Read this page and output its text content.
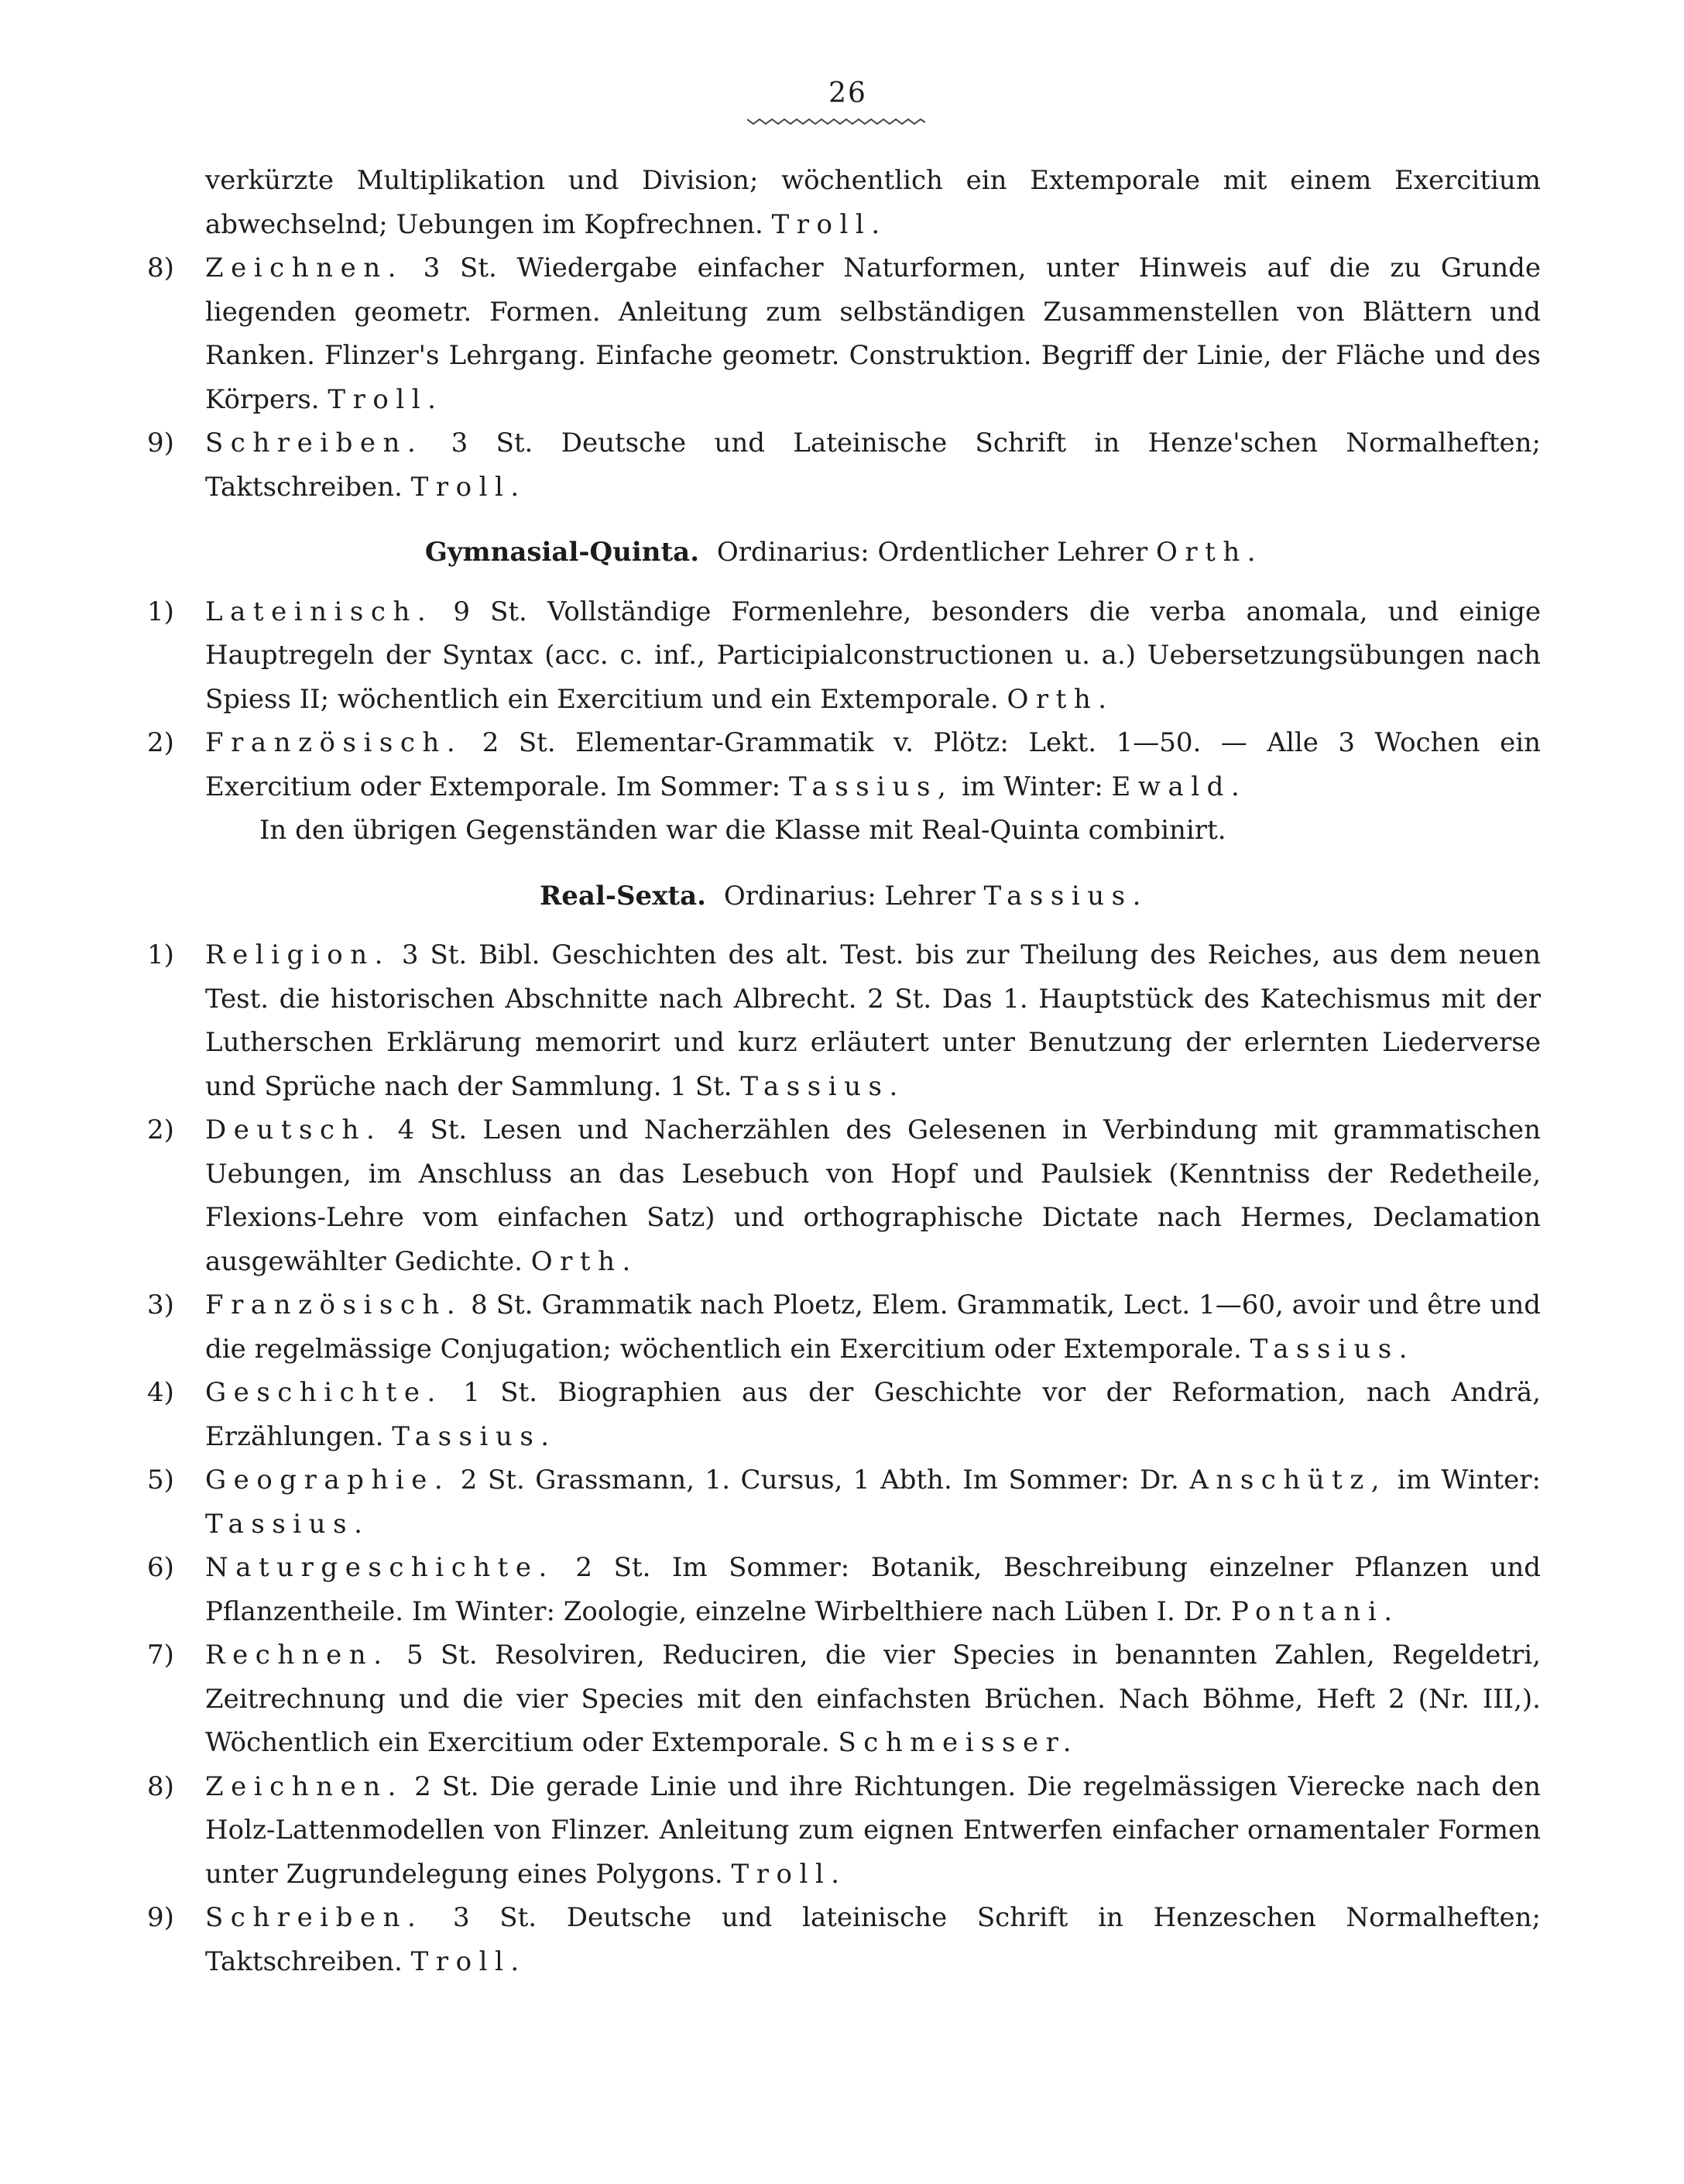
26
verkürzte Multiplikation und Division; wöchentlich ein Extemporale mit einem Exercitium abwechselnd; Uebungen im Kopfrechnen. Troll.
8) Zeichnen. 3 St. Wiedergabe einfacher Naturformen, unter Hinweis auf die zu Grunde liegenden geometr. Formen. Anleitung zum selbständigen Zusammenstellen von Blättern und Ranken. Flinzer's Lehrgang. Einfache geometr. Construktion. Begriff der Linie, der Fläche und des Körpers. Troll.
9) Schreiben. 3 St. Deutsche und Lateinische Schrift in Henze'schen Normalheften; Taktschreiben. Troll.
Gymnasial-Quinta. Ordinarius: Ordentlicher Lehrer Orth.
1) Lateinisch. 9 St. Vollständige Formenlehre, besonders die verba anomala, und einige Hauptregeln der Syntax (acc. c. inf., Participialconstructionen u. a.) Uebersetzungsübungen nach Spiess II; wöchentlich ein Exercitium und ein Extemporale. Orth.
2) Französisch. 2 St. Elementar-Grammatik v. Plötz: Lekt. 1—50. — Alle 3 Wochen ein Exercitium oder Extemporale. Im Sommer: Tassius, im Winter: Ewald.
In den übrigen Gegenständen war die Klasse mit Real-Quinta combinirt.
Real-Sexta. Ordinarius: Lehrer Tassius.
1) Religion. 3 St. Bibl. Geschichten des alt. Test. bis zur Theilung des Reiches, aus dem neuen Test. die historischen Abschnitte nach Albrecht. 2 St. Das 1. Hauptstück des Katechismus mit der Lutherschen Erklärung memorirt und kurz erläutert unter Benutzung der erlernten Liederverse und Sprüche nach der Sammlung. 1 St. Tassius.
2) Deutsch. 4 St. Lesen und Nacherzählen des Gelesenen in Verbindung mit grammatischen Uebungen, im Anschluss an das Lesebuch von Hopf und Paulsiek (Kenntniss der Redetheile, Flexions-Lehre vom einfachen Satz) und orthographische Dictate nach Hermes, Declamation ausgewählter Gedichte. Orth.
3) Französisch. 8 St. Grammatik nach Ploetz, Elem. Grammatik, Lect. 1—60, avoir und être und die regelmässige Conjugation; wöchentlich ein Exercitium oder Extemporale. Tassius.
4) Geschichte. 1 St. Biographien aus der Geschichte vor der Reformation, nach Andrä, Erzählungen. Tassius.
5) Geographie. 2 St. Grassmann, 1. Cursus, 1 Abth. Im Sommer: Dr. Anschütz, im Winter: Tassius.
6) Naturgeschichte. 2 St. Im Sommer: Botanik, Beschreibung einzelner Pflanzen und Pflanzentheile. Im Winter: Zoologie, einzelne Wirbelthiere nach Lüben I. Dr. Pontani.
7) Rechnen. 5 St. Resolviren, Reduciren, die vier Species in benannten Zahlen, Regeldetri, Zeitrechnung und die vier Species mit den einfachsten Brüchen. Nach Böhme, Heft 2 (Nr. III,). Wöchentlich ein Exercitium oder Extemporale. Schmeisser.
8) Zeichnen. 2 St. Die gerade Linie und ihre Richtungen. Die regelmässigen Vierecke nach den Holz-Lattenmodellen von Flinzer. Anleitung zum eignen Entwerfen einfacher ornamentaler Formen unter Zugrundelegung eines Polygons. Troll.
9) Schreiben. 3 St. Deutsche und lateinische Schrift in Henzeschen Normalheften; Taktschreiben. Troll.
